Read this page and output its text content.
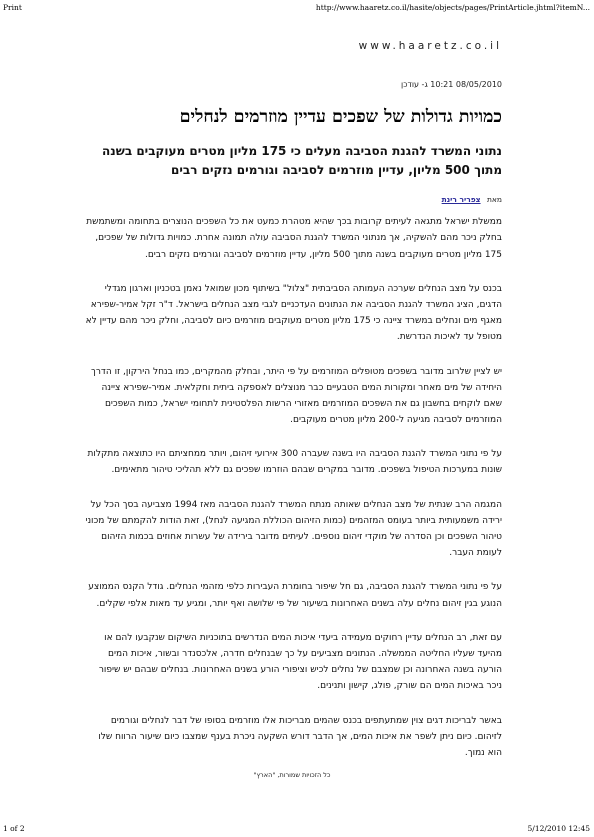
Print	http://www.haaretz.co.il/hasite/objects/pages/PrintArticle.jhtml?itemN...
www.haaretz.co.il

08/05/2010 10:21 ג- עודכן

כמויות גדולות של שפכים עדיין מוזרמים לנחלים
נתוני המשרד להגנת הסביבה מעלים כי 175 מליון מטרים מעוקבים בשנה מתוך 500 מליון, עדיין מוזרמים לסביבה וגורמים נזקים רבים

מאת צפריר רינת

ממשלת ישראל מתגאה לעיתים קרובות בכך שהיא מטהרת כמעט את כל השפכים הנוצרים בתחומה ומשתמשת בחלק ניכר מהם להשקיה, אך מנתוני המשרד להגנת הסביבה עולה תמונה אחרת. כמויות גדולות של שפכים, 175 מליון מטרים מעוקבים בשנה מתוך 500 מליון, עדיין מוזרמים לסביבה וגורמים נזקים רבים.

בכנס על מצב הנחלים שערכה העמותה הסביבתית "צלול" בשיתוף מכון שמואל נאמן בטכניון וארגון מגדלי הדגים, הציג המשרד להגנת הסביבה את הנתונים העדכניים לגבי מצב הנחלים בישראל. ד"ר זקל אמיר-שפירא מאגף מים ונחלים במשרד ציינה כי 175 מליון מטרים מעוקבים מוזרמים כיום לסביבה, וחלק ניכר מהם עדיין לא מטופל עד לאיכות הנדרשת.

יש לציין שלרוב מדובר בשפכים מטופלים המוזרמים על פי היתר, ובחלק מהמקרים, כמו בנחל הירקון, זו הדרך היחידה של מים מאחר ומקורות המים הטבעיים כבר מנוצלים לאספקה ביתית וחקלאית. אמיר-שפירא ציינה שאם לוקחים בחשבון גם את השפכים המוזרמים מאזורי הרשות הפלסטינית לתחומי ישראל, כמות השפכים המוזרמים לסביבה מגיעה ל-200 מליון מטרים מעוקבים.

על פי נתוני המשרד להגנת הסביבה היו בשנה שעברה 300 אירועי זיהום, ויותר ממחציתם היו כתוצאה מתקלות שונות במערכות הטיפול בשפכים. מדובר במקרים שבהם הוזרמו שפכים גם ללא תהליכי טיהור מתאימים.

המגמה הרב שנתית של מצב הנחלים שאותה מנתח המשרד להגנת הסביבה מאז 1994 מצביעה בסך הכל על ירידה משמעותית ביותר בעומס המזהמים (כמות הזיהום הכוללת המגיעה לנחל), זאת הודות להקמתם של מכוני טיהור השפכים וכן הסדרה של מוקדי זיהום נוספים. לעיתים מדובר בירידה של עשרות אחוזים בכמות הזיהום לעומת העבר.

על פי נתוני המשרד להגנת הסביבה, גם חל שיפור בחומרת העבירות כלפי מזהמי הנחלים. גודל הקנס הממוצע הנוגע בגין זיהום נחלים עלה בשנים האחרונות בשיעור של פי שלושה ואף יותר, ומגיע עד מאות אלפי שקלים.

עם זאת, רב הנחלים עדיין רחוקים מעמידה ביעדי איכות המים הנדרשים בתוכניות השיקום שנקבעו להם או מהיעד שעליו החליטה הממשלה. הנתונים מצביעים על כך שבנחלים חדרה, אלכסנדר ובשור, איכות המים הורעה בשנה האחרונה וכן שמצבם של נחלים לכיש וציפורי הורע בשנים האחרונות. בנחלים שבהם יש שיפור ניכר באיכות המים הם שורק, פולג, קישון ותנינים.

באשר לבריכות דגים צוין שמתעתפים בכנס שהמים מבריכות אלו מוזרמים בסופו של דבר לנחלים וגורמים לזיהום. כיום ניתן לשפר את איכות המים, אך הדבר דורש השקעה ניכרת בענף שמצבו כיום שיעור הרווח שלו הוא נמוך.

כל הזכויות שמורות, "הארץ"
1 of 2	5/12/2010 12:45
